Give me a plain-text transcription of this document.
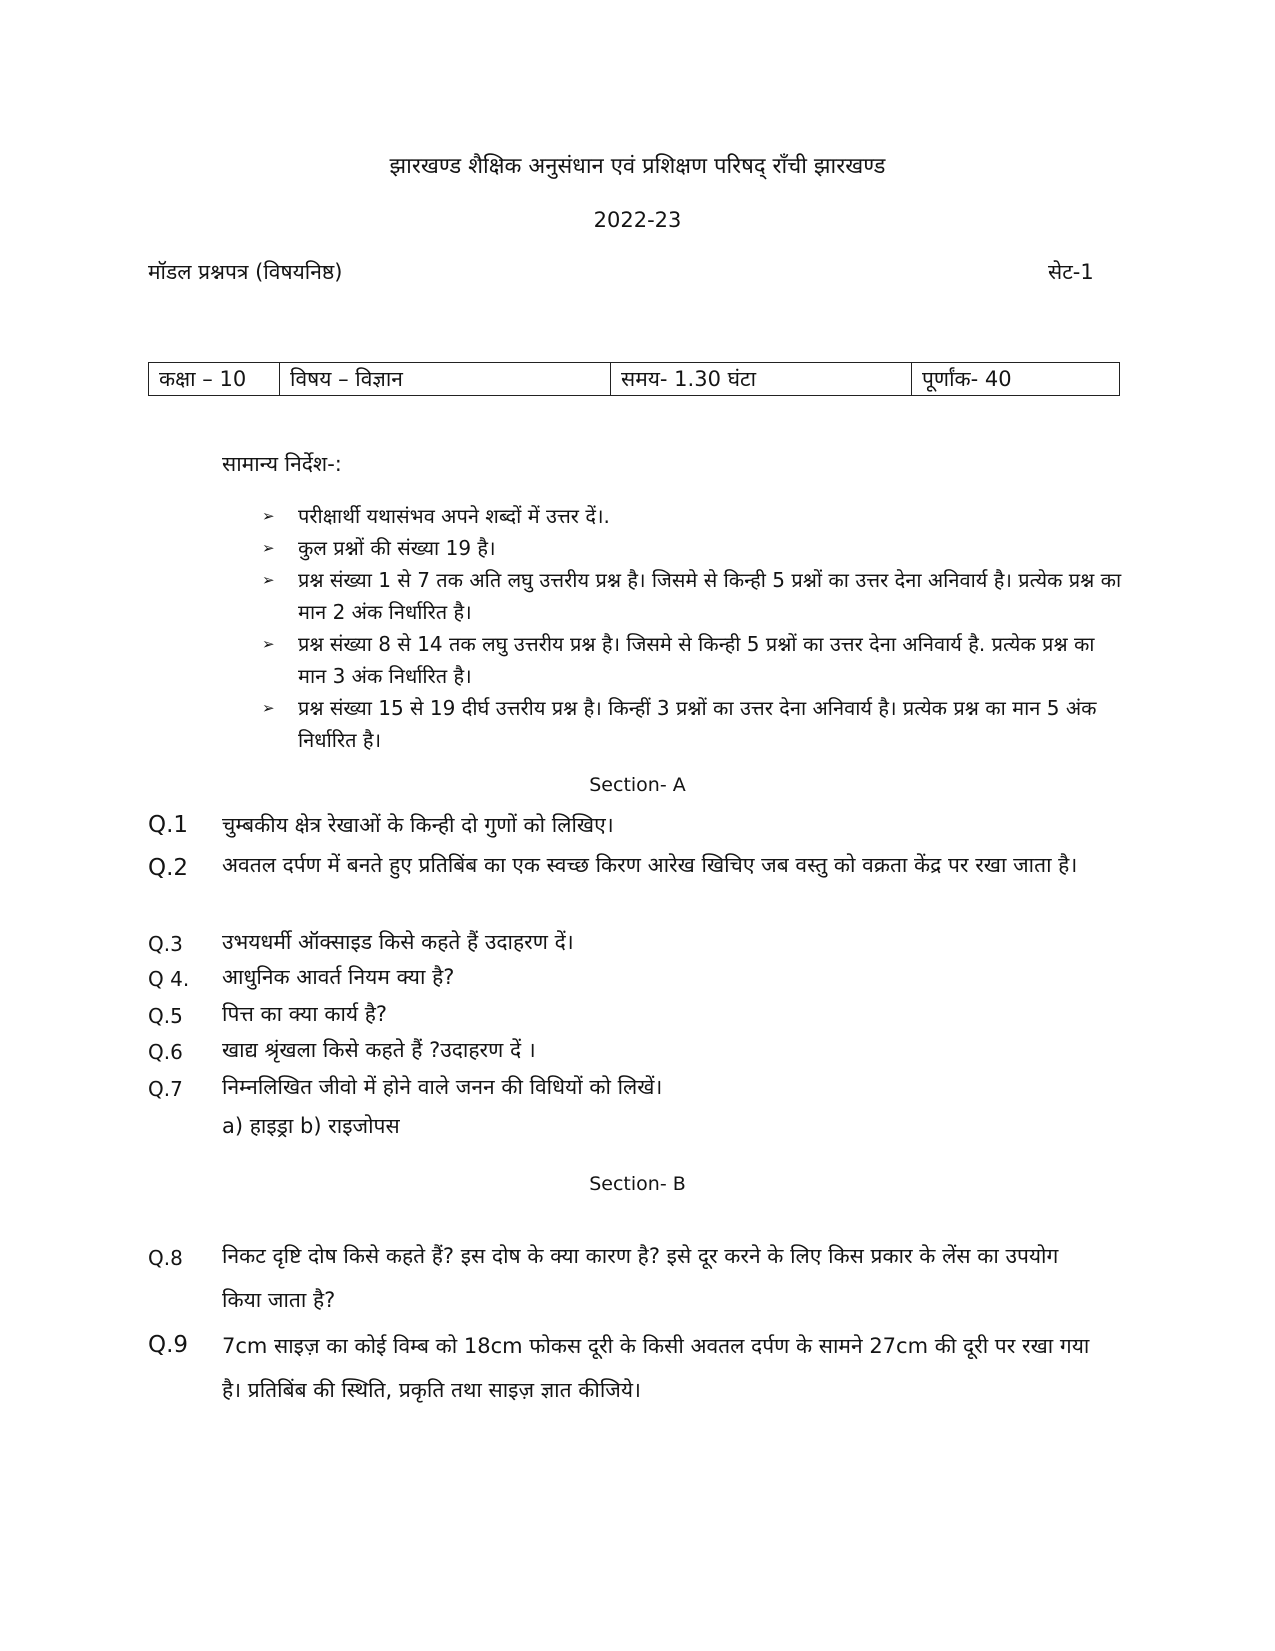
झारखण्ड शैक्षिक अनुसंधान एवं प्रशिक्षण परिषद् राँची झारखण्ड
2022-23
मॉडल प्रश्नपत्र (विषयनिष्ठ)	सेट-1
कक्षा – 10	विषय – विज्ञान	समय- 1.30 घंटा	पूर्णांक- 40
सामान्य निर्देश-:
➢ परीक्षार्थी यथासंभव अपने शब्दों में उत्तर दें।.
➢ कुल प्रश्नों की संख्या 19 है।
➢ प्रश्न संख्या 1 से 7 तक अति लघु उत्तरीय प्रश्न है। जिसमे से किन्ही 5 प्रश्नों का उत्तर देना अनिवार्य है। प्रत्येक प्रश्न का मान 2 अंक निर्धारित है।
➢ प्रश्न संख्या 8 से 14 तक लघु उत्तरीय प्रश्न है। जिसमे से किन्ही 5 प्रश्नों का उत्तर देना अनिवार्य है. प्रत्येक प्रश्न का मान 3 अंक निर्धारित है।
➢ प्रश्न संख्या 15 से 19 दीर्घ उत्तरीय प्रश्न है। किन्हीं 3 प्रश्नों का उत्तर देना अनिवार्य है। प्रत्येक प्रश्न का मान 5 अंक निर्धारित है।
Section- A
Q.1 चुम्बकीय क्षेत्र रेखाओं के किन्ही दो गुणों को लिखिए।
Q.2 अवतल दर्पण में बनते हुए प्रतिबिंब का एक स्वच्छ किरण आरेख खिचिए जब वस्तु को वक्रता केंद्र पर रखा जाता है।
Q.3 उभयधर्मी ऑक्साइड किसे कहते हैं उदाहरण दें।
Q 4. आधुनिक आवर्त नियम क्या है?
Q.5 पित्त का क्या कार्य है?
Q.6 खाद्य श्रृंखला किसे कहते हैं ?उदाहरण दें ।
Q.7 निम्नलिखित जीवो में होने वाले जनन की विधियों को लिखें।
a) हाइड्रा b) राइजोपस
Section- B
Q.8 निकट दृष्टि दोष किसे कहते हैं? इस दोष के क्या कारण है? इसे दूर करने के लिए किस प्रकार के लेंस का उपयोग किया जाता है?
Q.9 7cm साइज़ का कोई विम्ब को 18cm फोकस दूरी के किसी अवतल दर्पण के सामने 27cm की दूरी पर रखा गया है। प्रतिबिंब की स्थिति, प्रकृति तथा साइज़ ज्ञात कीजिये।
